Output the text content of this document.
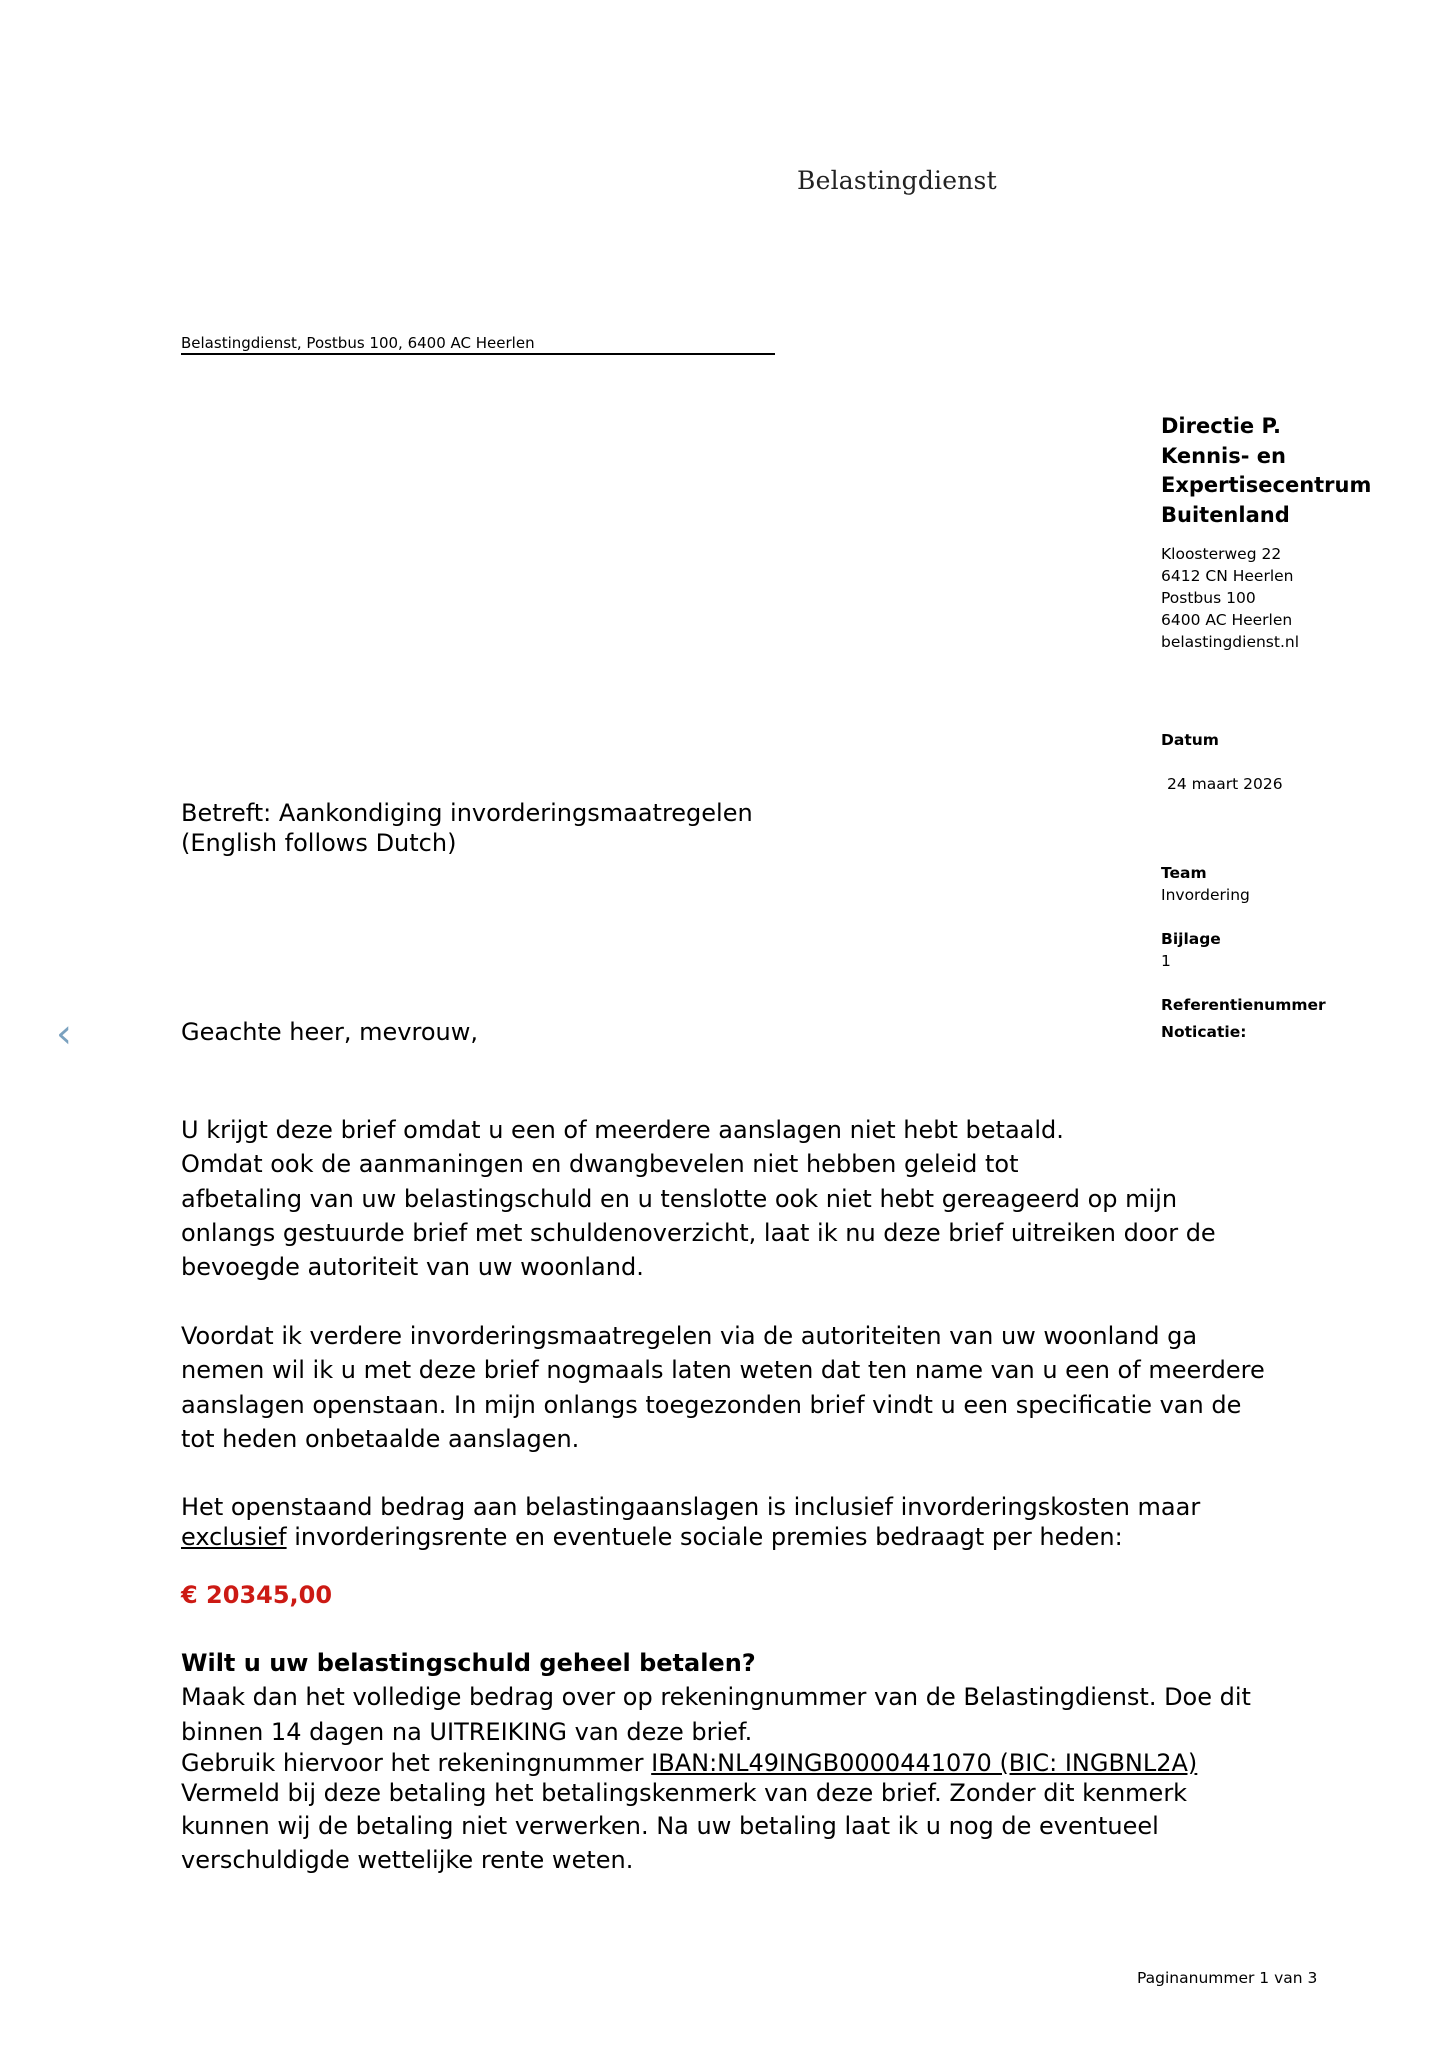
Belastingdienst
Belastingdienst, Postbus 100, 6400 AC Heerlen
Directie P.
Kennis- en
Expertisecentrum
Buitenland
Kloosterweg 22
6412 CN Heerlen
Postbus 100
6400 AC Heerlen
belastingdienst.nl
Datum
24 maart 2026
Team
Invordering
Bijlage
1
Referentienummer
Noticatie:
Betreft: Aankondiging invorderingsmaatregelen
(English follows Dutch)
‹	Geachte heer, mevrouw,
U krijgt deze brief omdat u een of meerdere aanslagen niet hebt betaald.
Omdat ook de aanmaningen en dwangbevelen niet hebben geleid tot
afbetaling van uw belastingschuld en u tenslotte ook niet hebt gereageerd op mijn
onlangs gestuurde brief met schuldenoverzicht, laat ik nu deze brief uitreiken door de
bevoegde autoriteit van uw woonland.
Voordat ik verdere invorderingsmaatregelen via de autoriteiten van uw woonland ga
nemen wil ik u met deze brief nogmaals laten weten dat ten name van u een of meerdere
aanslagen openstaan. In mijn onlangs toegezonden brief vindt u een specificatie van de
tot heden onbetaalde aanslagen.
Het openstaand bedrag aan belastingaanslagen is inclusief invorderingskosten maar
exclusief invorderingsrente en eventuele sociale premies bedraagt per heden:
€ 20345,00
Wilt u uw belastingschuld geheel betalen?
Maak dan het volledige bedrag over op rekeningnummer van de Belastingdienst. Doe dit
binnen 14 dagen na UITREIKING van deze brief.
Gebruik hiervoor het rekeningnummer IBAN:NL49INGB0000441070 (BIC: INGBNL2A)
Vermeld bij deze betaling het betalingskenmerk van deze brief. Zonder dit kenmerk
kunnen wij de betaling niet verwerken. Na uw betaling laat ik u nog de eventueel
verschuldigde wettelijke rente weten.
Paginanummer 1 van 3
